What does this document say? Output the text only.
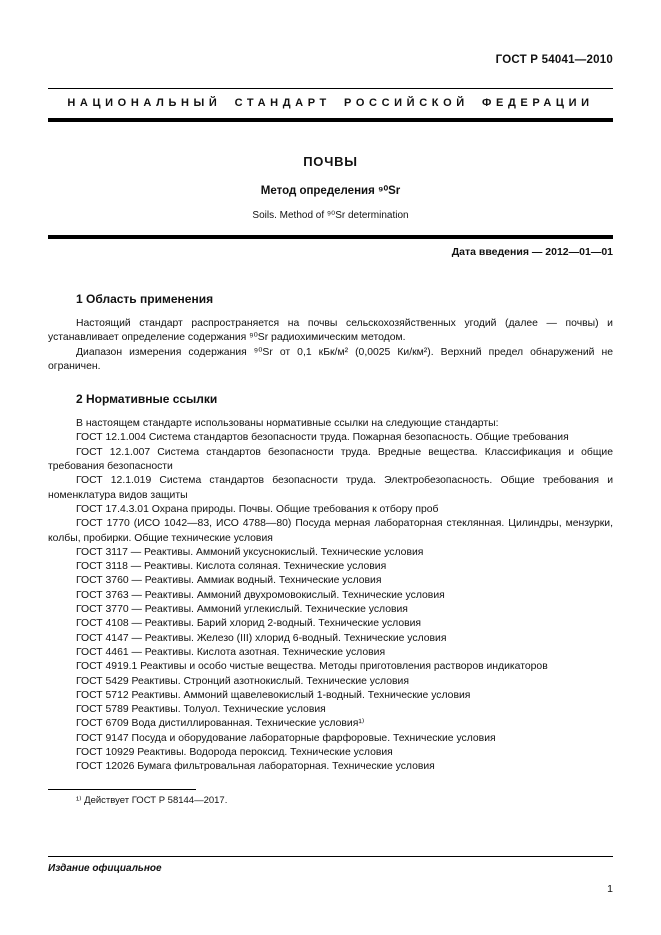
ГОСТ Р 54041—2010
НАЦИОНАЛЬНЫЙ СТАНДАРТ РОССИЙСКОЙ ФЕДЕРАЦИИ
ПОЧВЫ
Метод определения ⁹⁰Sr
Soils. Method of ⁹⁰Sr determination
Дата введения — 2012—01—01
1 Область применения

Настоящий стандарт распространяется на почвы сельскохозяйственных угодий (далее — почвы) и устанавливает определение содержания ⁹⁰Sr радиохимическим методом.

Диапазон измерения содержания ⁹⁰Sr от 0,1 кБк/м² (0,0025 Ки/км²). Верхний предел обнаружений не ограничен.

2 Нормативные ссылки

В настоящем стандарте использованы нормативные ссылки на следующие стандарты:

ГОСТ 12.1.004 Система стандартов безопасности труда. Пожарная безопасность. Общие требования

ГОСТ 12.1.007 Система стандартов безопасности труда. Вредные вещества. Классификация и общие требования безопасности

ГОСТ 12.1.019 Система стандартов безопасности труда. Электробезопасность. Общие требования и номенклатура видов защиты

ГОСТ 17.4.3.01 Охрана природы. Почвы. Общие требования к отбору проб

ГОСТ 1770 (ИСО 1042—83, ИСО 4788—80) Посуда мерная лабораторная стеклянная. Цилиндры, мензурки, колбы, пробирки. Общие технические условия

ГОСТ 3117 — Реактивы. Аммоний уксуснокислый. Технические условия

ГОСТ 3118 — Реактивы. Кислота соляная. Технические условия

ГОСТ 3760 — Реактивы. Аммиак водный. Технические условия

ГОСТ 3763 — Реактивы. Аммоний двухромовокислый. Технические условия

ГОСТ 3770 — Реактивы. Аммоний углекислый. Технические условия

ГОСТ 4108 — Реактивы. Барий хлорид 2-водный. Технические условия

ГОСТ 4147 — Реактивы. Железо (III) хлорид 6-водный. Технические условия

ГОСТ 4461 — Реактивы. Кислота азотная. Технические условия

ГОСТ 4919.1 Реактивы и особо чистые вещества. Методы приготовления растворов индикаторов

ГОСТ 5429 Реактивы. Стронций азотнокислый. Технические условия

ГОСТ 5712 Реактивы. Аммоний щавелевокислый 1-водный. Технические условия

ГОСТ 5789 Реактивы. Толуол. Технические условия

ГОСТ 6709 Вода дистиллированная. Технические условия¹⁾

ГОСТ 9147 Посуда и оборудование лабораторные фарфоровые. Технические условия

ГОСТ 10929 Реактивы. Водорода пероксид. Технические условия

ГОСТ 12026 Бумага фильтровальная лабораторная. Технические условия

¹⁾ Действует ГОСТ Р 58144—2017.

Издание официальное
1
